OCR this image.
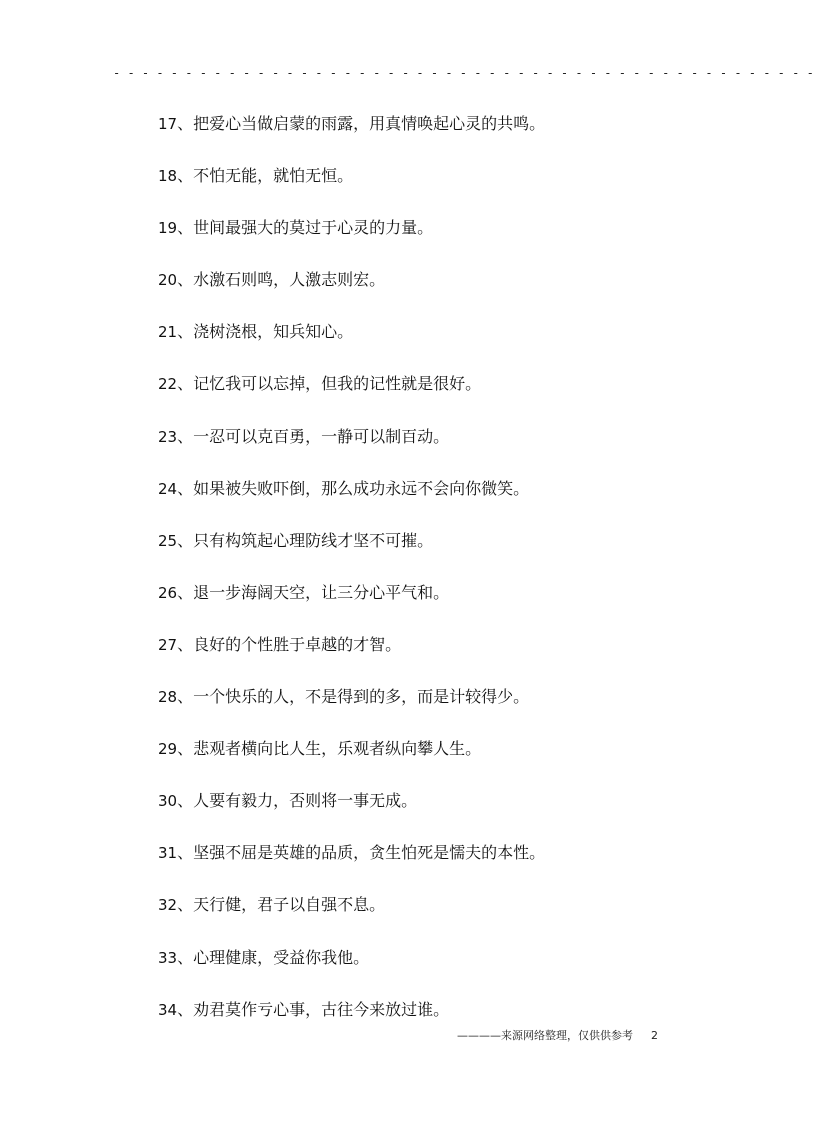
- - - - - - - - - - - - - - - - - - - - - - - - - - - - - - - - - - - - - - - - - - - - - - - - -
17、把爱心当做启蒙的雨露，用真情唤起心灵的共鸣。
18、不怕无能，就怕无恒。
19、世间最强大的莫过于心灵的力量。
20、水激石则鸣，人激志则宏。
21、浇树浇根，知兵知心。
22、记忆我可以忘掉，但我的记性就是很好。
23、一忍可以克百勇，一静可以制百动。
24、如果被失败吓倒，那么成功永远不会向你微笑。
25、只有构筑起心理防线才坚不可摧。
26、退一步海阔天空，让三分心平气和。
27、良好的个性胜于卓越的才智。
28、一个快乐的人，不是得到的多，而是计较得少。
29、悲观者横向比人生，乐观者纵向攀人生。
30、人要有毅力，否则将一事无成。
31、坚强不屈是英雄的品质，贪生怕死是懦夫的本性。
32、天行健，君子以自强不息。
33、心理健康，受益你我他。
34、劝君莫作亏心事，古往今来放过谁。
————来源网络整理，仅供供参考 2
